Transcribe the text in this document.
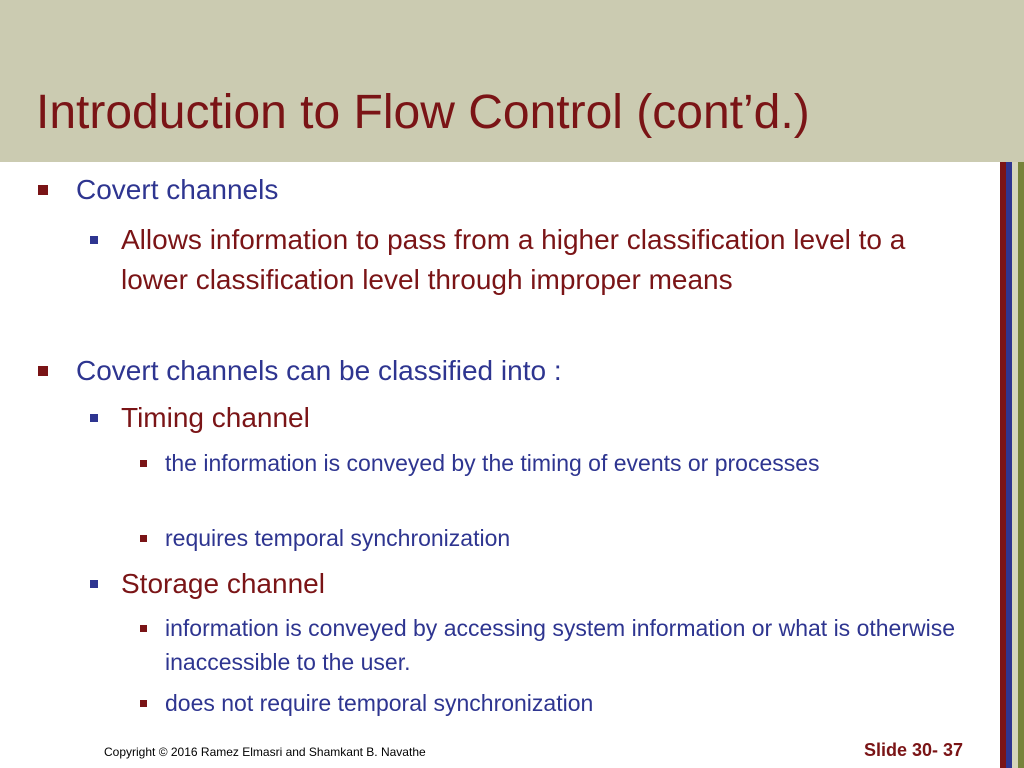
Introduction to Flow Control (cont’d.)
Covert channels
Allows information to pass from a higher classification level to a lower classification level through improper means
Covert channels can be classified into :
Timing channel
the information is conveyed by the timing of events or processes
requires temporal synchronization
Storage channel
information is conveyed by accessing system information or what is otherwise inaccessible to the user.
does not require temporal synchronization
Copyright © 2016 Ramez Elmasri and Shamkant B. Navathe	Slide 30- 37
